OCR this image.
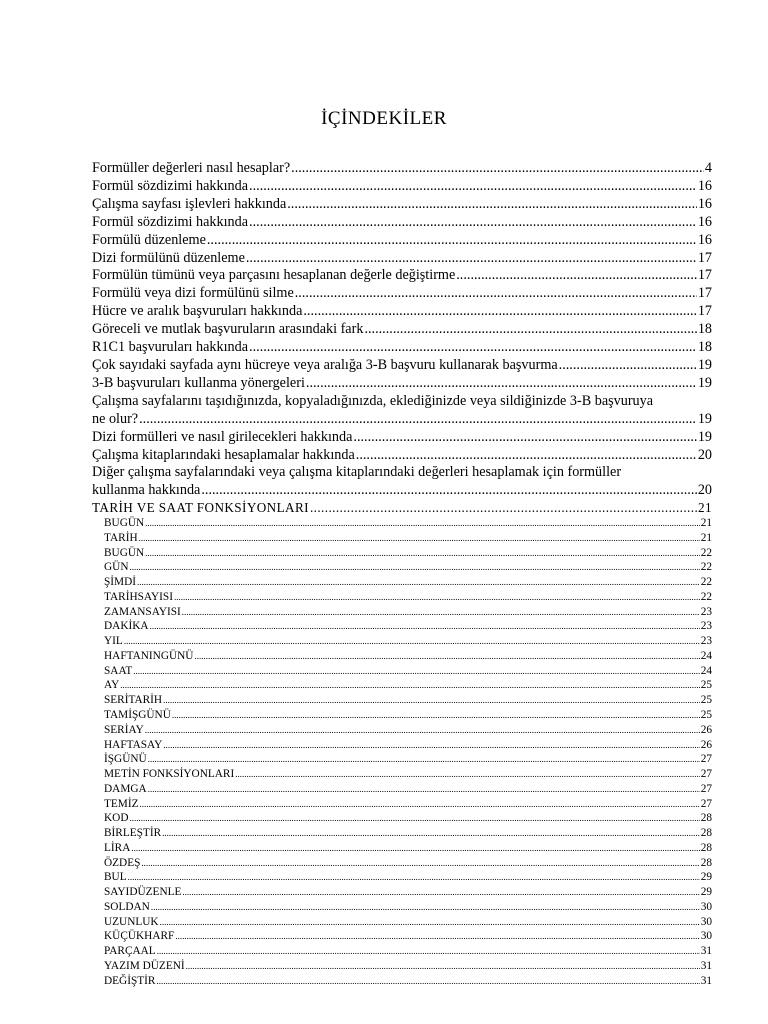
İÇİNDEKİLER
Formüller değerleri nasıl hesaplar? .....	4
Formül sözdizimi hakkında .....	16
Çalışma sayfası işlevleri hakkında .....	16
Formül sözdizimi hakkında .....	16
Formülü düzenleme .....	16
Dizi formülünü düzenleme .....	17
Formülün tümünü veya parçasını hesaplanan değerle değiştirme .....	17
Formülü veya dizi formülünü silme .....	17
Hücre ve aralık başvuruları hakkında .....	17
Göreceli ve mutlak başvuruların arasındaki fark .....	18
R1C1 başvuruları hakkında .....	18
Çok sayıdaki sayfada aynı hücreye veya aralığa 3-B başvuru kullanarak başvurma .....	19
3-B başvuruları kullanma yönergeleri .....	19
Çalışma sayfalarını taşıdığınızda, kopyaladığınızda, eklediğinizde veya sildiğinizde 3-B başvuruya
ne olur? .....	19
Dizi formülleri ve nasıl girilecekleri hakkında .....	19
Çalışma kitaplarındaki hesaplamalar hakkında .....	20
Diğer çalışma sayfalarındaki veya çalışma kitaplarındaki değerleri hesaplamak için formüller
kullanma hakkında .....	20
TARİH VE SAAT FONKSİYONLARI .....	21
BUGÜN .....	21
TARİH .....	21
BUGÜN .....	22
GÜN .....	22
ŞİMDİ .....	22
TARİHSAYISI .....	22
ZAMANSAYISI .....	23
DAKİKA .....	23
YIL .....	23
HAFTANINGÜNÜ .....	24
SAAT .....	24
AY .....	25
SERİTARİH .....	25
TAMİŞGÜNÜ .....	25
SERİAY .....	26
HAFTASAY .....	26
İŞGÜNÜ .....	27
METİN FONKSİYONLARI .....	27
DAMGA .....	27
TEMİZ .....	27
KOD .....	28
BİRLEŞTİR .....	28
LİRA .....	28
ÖZDEŞ .....	28
BUL .....	29
SAYIDÜZENLE .....	29
SOLDAN .....	30
UZUNLUK .....	30
KÜÇÜKHARF .....	30
PARÇAAL .....	31
YAZIM DÜZENİ .....	31
DEĞİŞTİR .....	31
